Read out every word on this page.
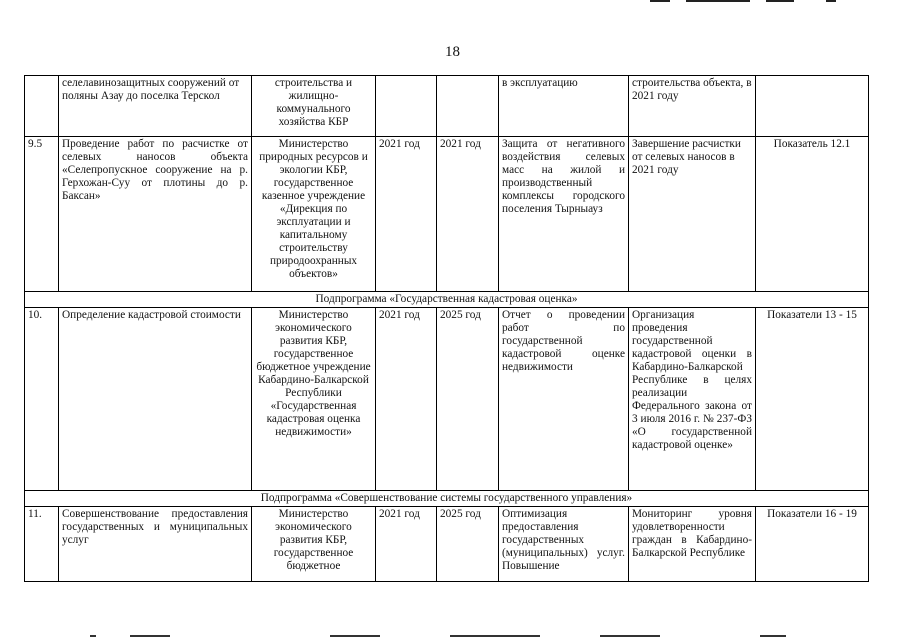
18
	селелавинозащитных сооружений от поляны Азау до поселка Терскол	строительства и жилищно-коммунального хозяйства КБР			в эксплуатацию	строительства объекта, в 2021 году	
9.5	Проведение работ по расчистке от селевых наносов объекта «Селепропускное сооружение на р. Герхожан-Суу от плотины до р. Баксан»	Министерство природных ресурсов и экологии КБР, государственное казенное учреждение «Дирекция по эксплуатации и капитальному строительству природоохранных объектов»	2021 год	2021 год	Защита от негативного воздействия селевых масс на жилой и производственный комплексы городского поселения Тырныауз	Завершение расчистки от селевых наносов в 2021 году	Показатель 12.1
Подпрограмма «Государственная кадастровая оценка»							
10.	Определение кадастровой стоимости	Министерство экономического развития КБР, государственное бюджетное учреждение Кабардино-Балкарской Республики «Государственная кадастровая оценка недвижимости»	2021 год	2025 год	Отчет о проведении работ по государственной кадастровой оценке недвижимости	Организация проведения государственной кадастровой оценки в Кабардино-Балкарской Республике в целях реализации Федерального закона от 3 июля 2016 г. № 237-ФЗ «О государственной кадастровой оценке»	Показатели 13 - 15
Подпрограмма «Совершенствование системы государственного управления»							
11.	Совершенствование предоставления государственных и муниципальных услуг	Министерство экономического развития КБР, государственное бюджетное	2021 год	2025 год	Оптимизация предоставления государственных (муниципальных) услуг. Повышение	Мониторинг уровня удовлетворенности граждан в Кабардино-Балкарской Республике	Показатели 16 - 19
